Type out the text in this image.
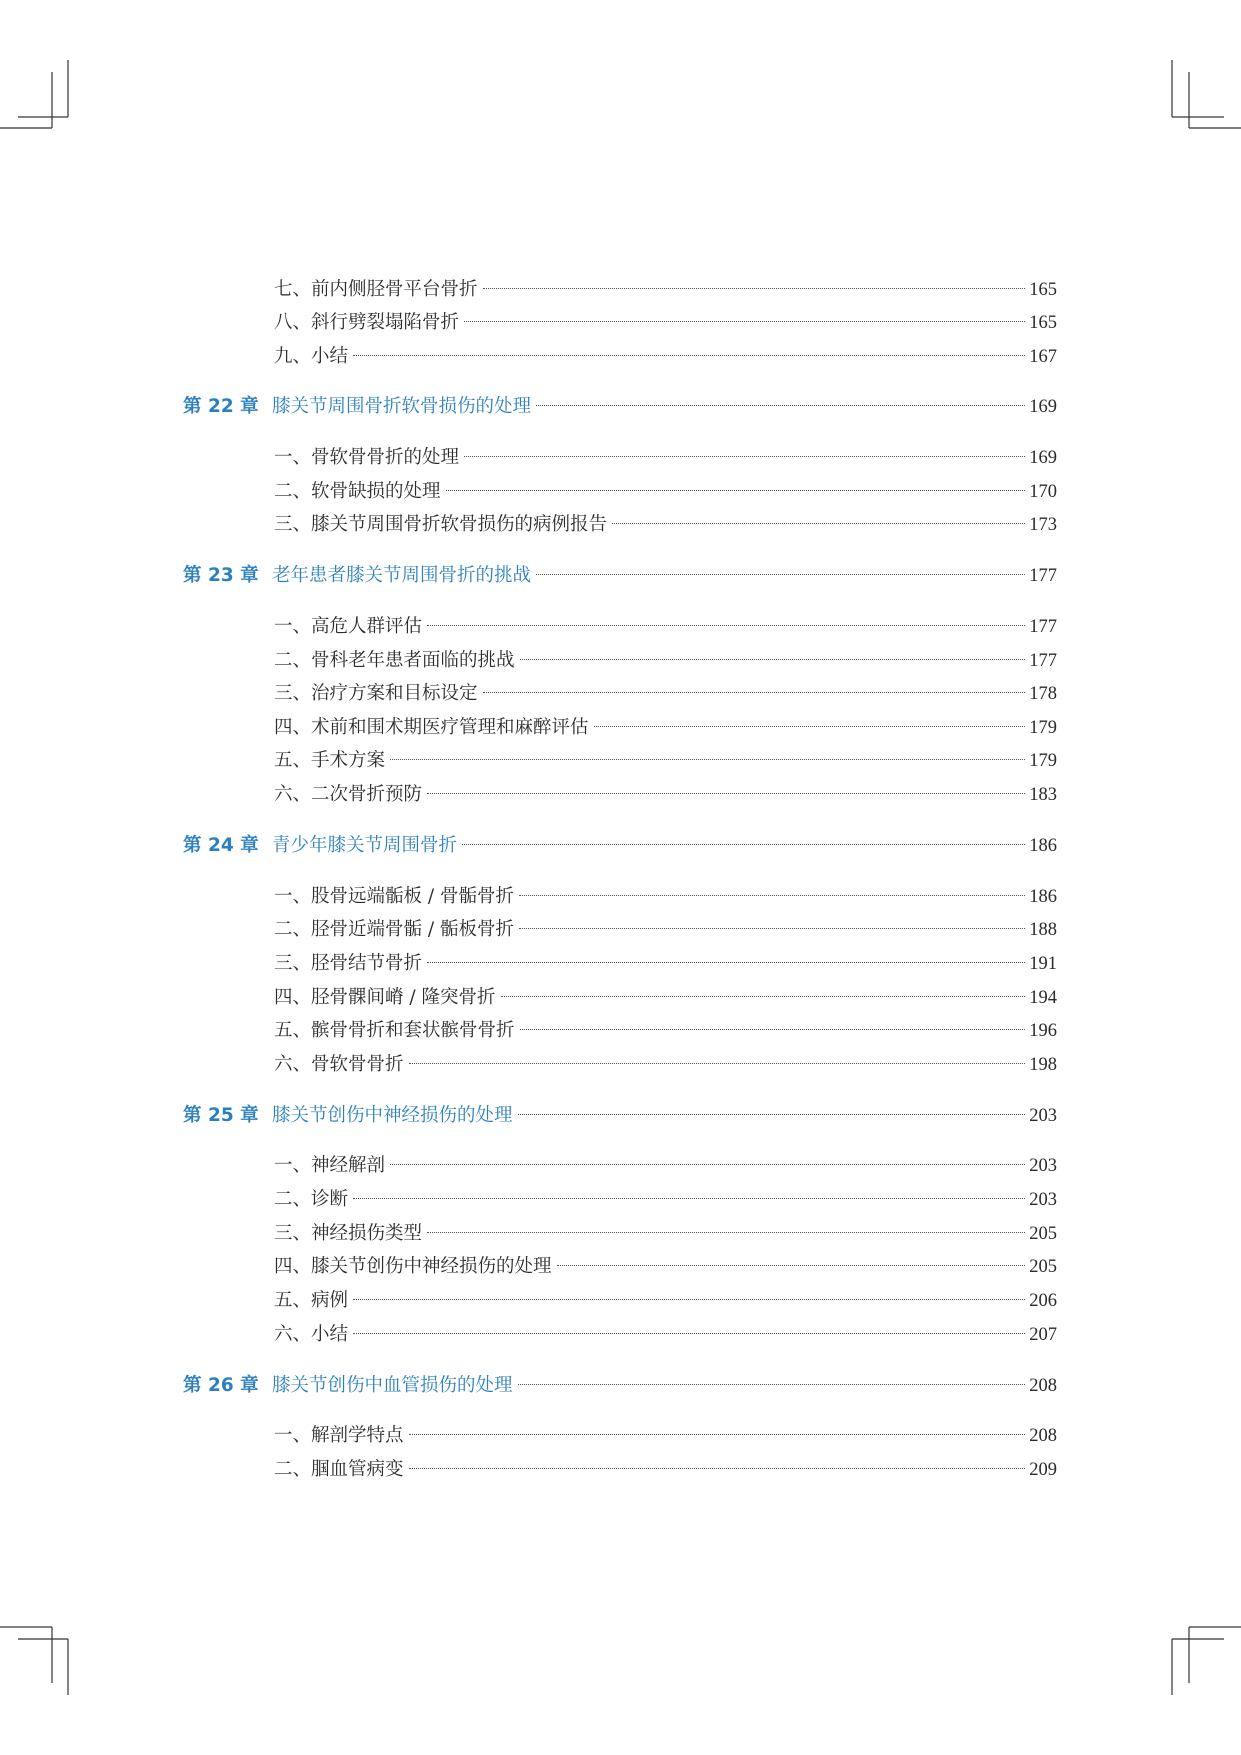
七、前内侧胫骨平台骨折	165
八、斜行劈裂塌陷骨折	165
九、小结	167
第 22 章 膝关节周围骨折软骨损伤的处理	169
一、骨软骨骨折的处理	169
二、软骨缺损的处理	170
三、膝关节周围骨折软骨损伤的病例报告	173
第 23 章 老年患者膝关节周围骨折的挑战	177
一、高危人群评估	177
二、骨科老年患者面临的挑战	177
三、治疗方案和目标设定	178
四、术前和围术期医疗管理和麻醉评估	179
五、手术方案	179
六、二次骨折预防	183
第 24 章 青少年膝关节周围骨折	186
一、股骨远端骺板 / 骨骺骨折	186
二、胫骨近端骨骺 / 骺板骨折	188
三、胫骨结节骨折	191
四、胫骨髁间嵴 / 隆突骨折	194
五、髌骨骨折和套状髌骨骨折	196
六、骨软骨骨折	198
第 25 章 膝关节创伤中神经损伤的处理	203
一、神经解剖	203
二、诊断	203
三、神经损伤类型	205
四、膝关节创伤中神经损伤的处理	205
五、病例	206
六、小结	207
第 26 章 膝关节创伤中血管损伤的处理	208
一、解剖学特点	208
二、腘血管病变	209
